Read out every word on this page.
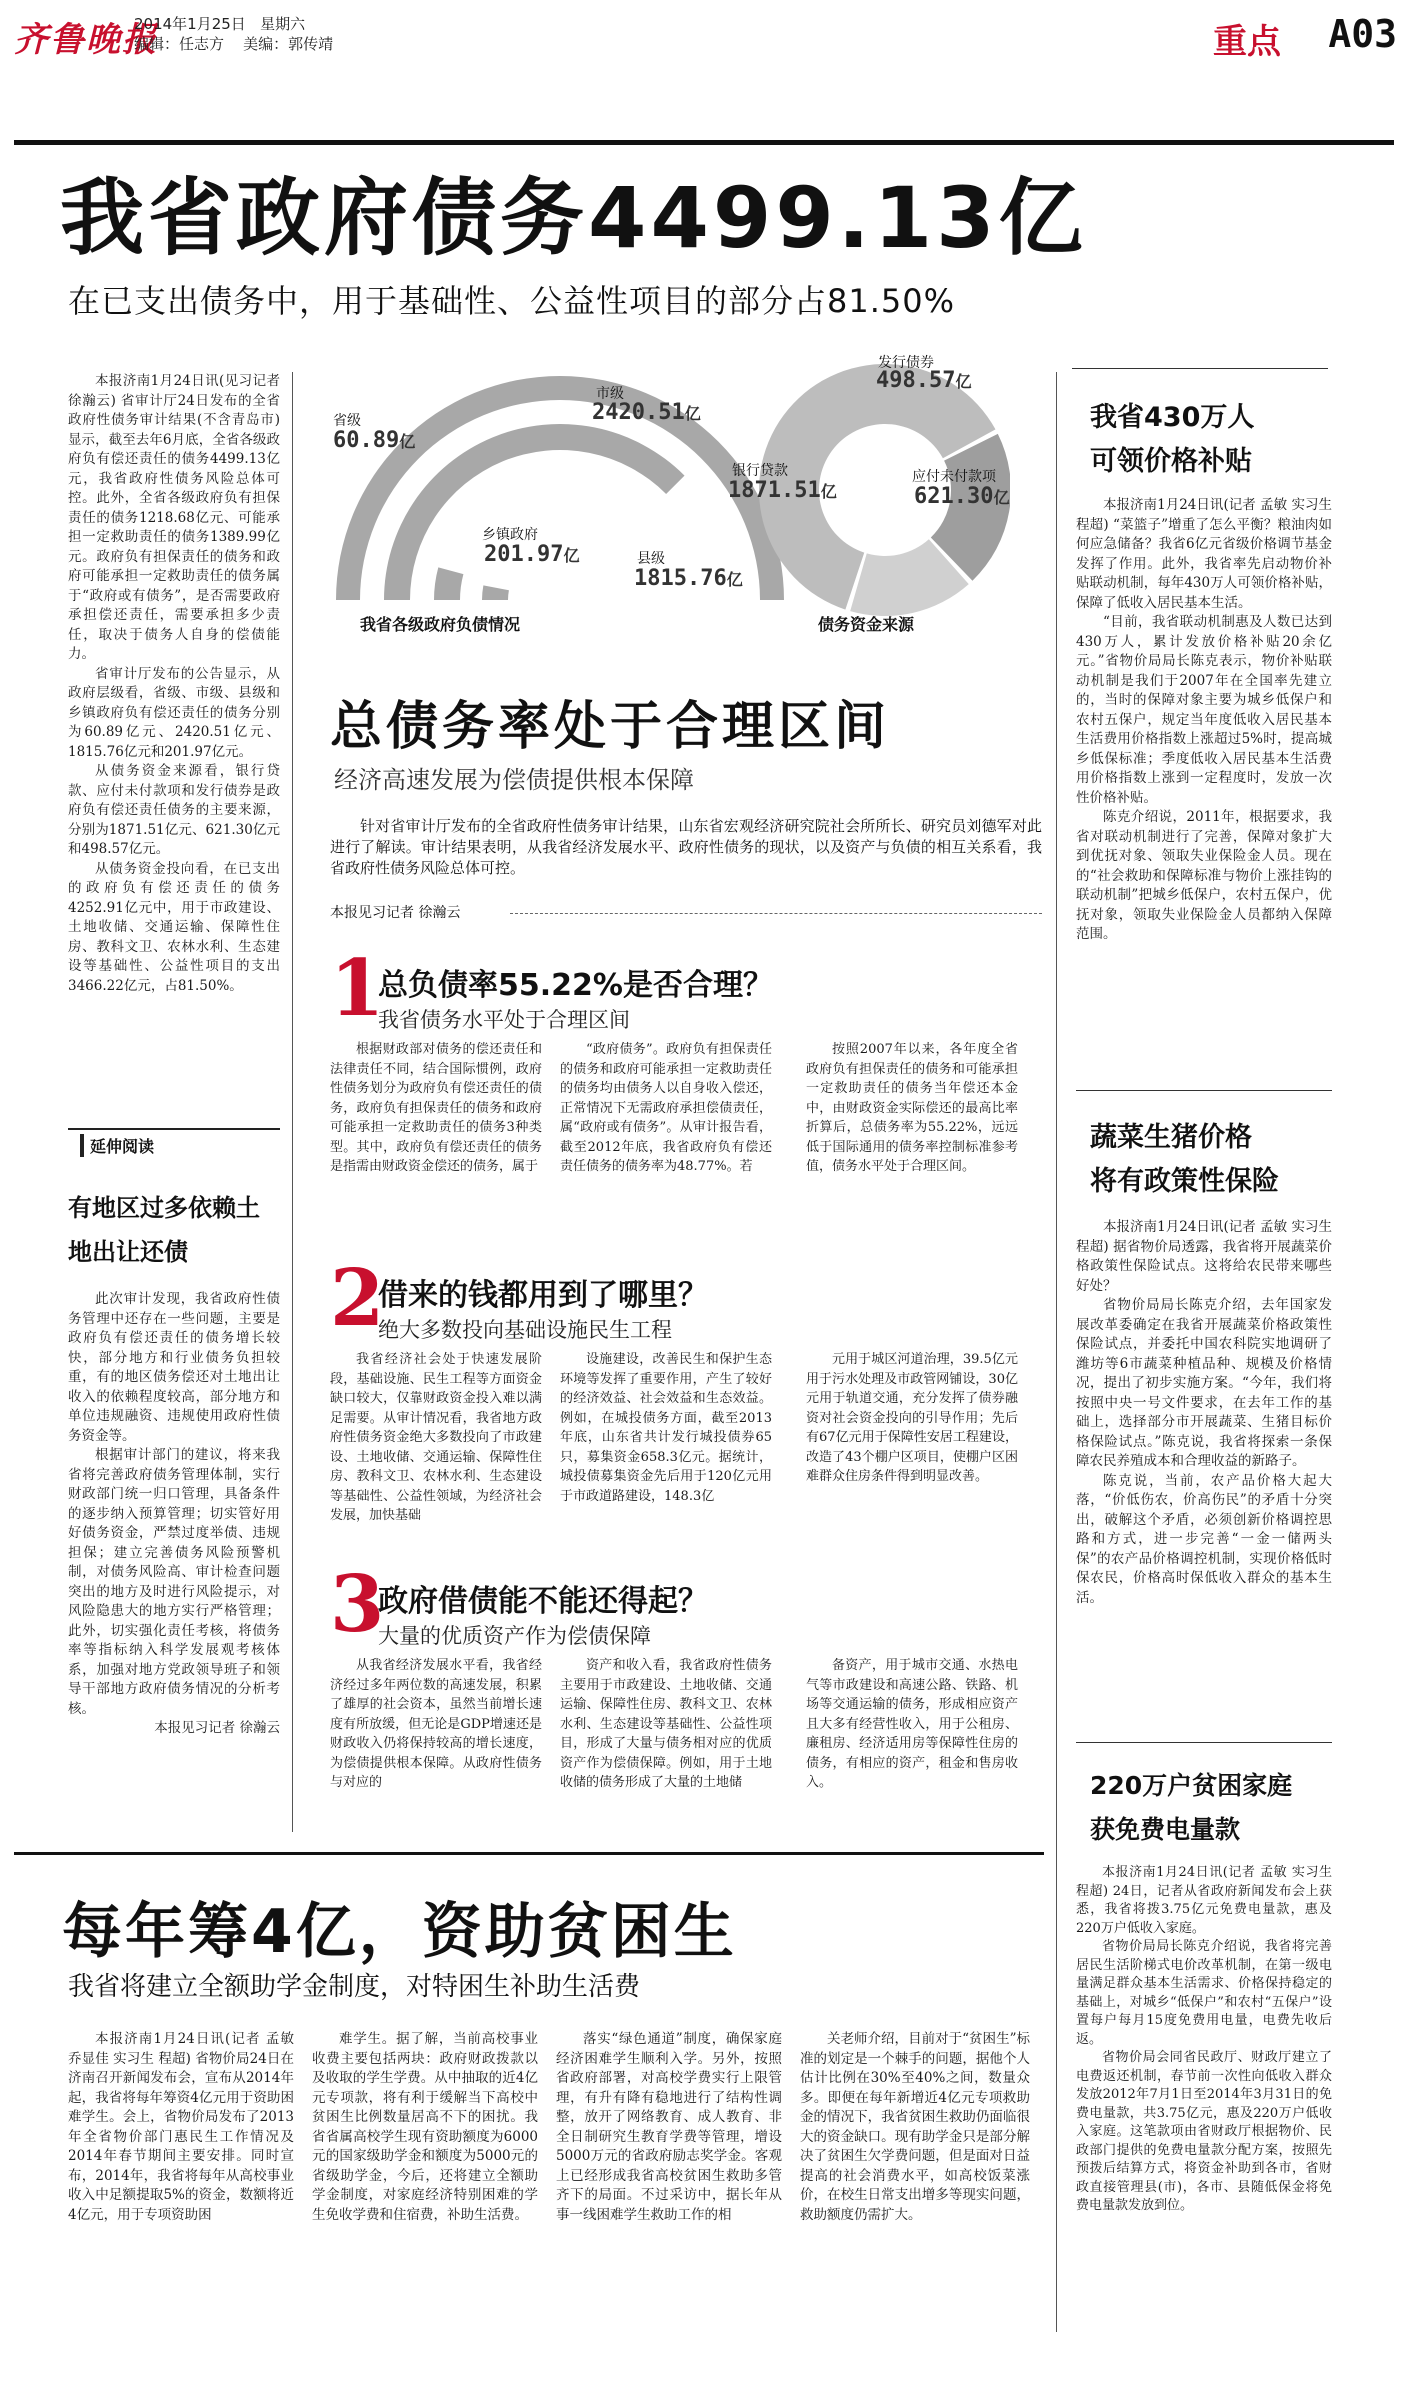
齐鲁晚报
2014年1月25日 星期六
编辑：任志方 美编：郭传靖	重点 A03
我省政府债务4499.13亿
在已支出债务中，用于基础性、公益性项目的部分占81.50%

本报济南1月24日讯(见习记者 徐瀚云) 省审计厅24日发布的全省政府性债务审计结果(不含青岛市)显示，截至去年6月底，全省各级政府负有偿还责任的债务4499.13亿元，我省政府性债务风险总体可控。此外，全省各级政府负有担保责任的债务1218.68亿元、可能承担一定救助责任的债务1389.99亿元。政府负有担保责任的债务和政府可能承担一定救助责任的债务属于“政府或有债务”，是否需要政府承担偿还责任，需要承担多少责任，取决于债务人自身的偿债能力。

省审计厅发布的公告显示，从政府层级看，省级、市级、县级和乡镇政府负有偿还责任的债务分别为60.89亿元、2420.51亿元、1815.76亿元和201.97亿元。

从债务资金来源看，银行贷款、应付未付款项和发行债券是政府负有偿还责任债务的主要来源，分别为1871.51亿元、621.30亿元和498.57亿元。

从债务资金投向看，在已支出的政府负有偿还责任的债务4252.91亿元中，用于市政建设、土地收储、交通运输、保障性住房、教科文卫、农林水利、生态建设等基础性、公益性项目的支出3466.22亿元，占81.50%。

延伸阅读
有地区过多依赖土地出让还债

此次审计发现，我省政府性债务管理中还存在一些问题，主要是政府负有偿还责任的债务增长较快，部分地方和行业债务负担较重，有的地区债务偿还对土地出让收入的依赖程度较高，部分地方和单位违规融资、违规使用政府性债务资金等。

根据审计部门的建议，将来我省将完善政府债务管理体制，实行财政部门统一归口管理，具备条件的逐步纳入预算管理；切实管好用好债务资金，严禁过度举债、违规担保；建立完善债务风险预警机制，对债务风险高、审计检查问题突出的地方及时进行风险提示，对风险隐患大的地方实行严格管理；此外，切实强化责任考核，将债务率等指标纳入科学发展观考核体系，加强对地方党政领导班子和领导干部地方政府债务情况的分析考核。

本报见习记者 徐瀚云

我省各级政府负债情况	债务资金来源
省级
60.89亿
市级
2420.51亿
县级
1815.76亿
乡镇政府
201.97亿
发行债券
498.57亿
银行贷款
1871.51亿
应付未付款项
621.30亿
总债务率处于合理区间
经济高速发展为偿债提供根本保障
针对省审计厅发布的全省政府性债务审计结果，山东省宏观经济研究院社会所所长、研究员刘德军对此进行了解读。审计结果表明，从我省经济发展水平、政府性债务的现状，以及资产与负债的相互关系看，我省政府性债务风险总体可控。
本报见习记者 徐瀚云
1
总负债率55.22%是否合理？
我省债务水平处于合理区间

根据财政部对债务的偿还责任和法律责任不同，结合国际惯例，政府性债务划分为政府负有偿还责任的债务，政府负有担保责任的债务和政府可能承担一定救助责任的债务3种类型。其中，政府负有偿还责任的债务是指需由财政资金偿还的债务，属于

“政府债务”。政府负有担保责任的债务和政府可能承担一定救助责任的债务均由债务人以自身收入偿还，正常情况下无需政府承担偿债责任，属“政府或有债务”。从审计报告看，截至2012年底，我省政府负有偿还责任债务的债务率为48.77%。若

按照2007年以来，各年度全省政府负有担保责任的债务和可能承担一定救助责任的债务当年偿还本金中，由财政资金实际偿还的最高比率折算后，总债务率为55.22%，远远低于国际通用的债务率控制标准参考值，债务水平处于合理区间。

2
借来的钱都用到了哪里？
绝大多数投向基础设施民生工程

我省经济社会处于快速发展阶段，基础设施、民生工程等方面资金缺口较大，仅靠财政资金投入难以满足需要。从审计情况看，我省地方政府性债务资金绝大多数投向了市政建设、土地收储、交通运输、保障性住房、教科文卫、农林水利、生态建设等基础性、公益性领域，为经济社会发展，加快基础

设施建设，改善民生和保护生态环境等发挥了重要作用，产生了较好的经济效益、社会效益和生态效益。例如，在城投债务方面，截至2013年底，山东省共计发行城投债券65只，募集资金658.3亿元。据统计，城投债募集资金先后用于120亿元用于市政道路建设，148.3亿

元用于城区河道治理，39.5亿元用于污水处理及市政管网铺设，30亿元用于轨道交通，充分发挥了债券融资对社会资金投向的引导作用；先后有67亿元用于保障性安居工程建设，改造了43个棚户区项目，使棚户区困难群众住房条件得到明显改善。

3
政府借债能不能还得起？
大量的优质资产作为偿债保障

从我省经济发展水平看，我省经济经过多年两位数的高速发展，积累了雄厚的社会资本，虽然当前增长速度有所放缓，但无论是GDP增速还是财政收入仍将保持较高的增长速度，为偿债提供根本保障。从政府性债务与对应的

资产和收入看，我省政府性债务主要用于市政建设、土地收储、交通运输、保障性住房、教科文卫、农林水利、生态建设等基础性、公益性项目，形成了大量与债务相对应的优质资产作为偿债保障。例如，用于土地收储的债务形成了大量的土地储

备资产，用于城市交通、水热电气等市政建设和高速公路、铁路、机场等交通运输的债务，形成相应资产且大多有经营性收入，用于公租房、廉租房、经济适用房等保障性住房的债务，有相应的资产，租金和售房收入。

我省430万人
可领价格补贴

本报济南1月24日讯(记者 孟敏 实习生 程超) “菜篮子”增重了怎么平衡？粮油肉如何应急储备？我省6亿元省级价格调节基金发挥了作用。此外，我省率先启动物价补贴联动机制，每年430万人可领价格补贴，保障了低收入居民基本生活。

“目前，我省联动机制惠及人数已达到430万人，累计发放价格补贴20余亿元。”省物价局局长陈克表示，物价补贴联动机制是我们于2007年在全国率先建立的，当时的保障对象主要为城乡低保户和农村五保户，规定当年度低收入居民基本生活费用价格指数上涨超过5%时，提高城乡低保标准；季度低收入居民基本生活费用价格指数上涨到一定程度时，发放一次性价格补贴。

陈克介绍说，2011年，根据要求，我省对联动机制进行了完善，保障对象扩大到优抚对象、领取失业保险金人员。现在的“社会救助和保障标准与物价上涨挂钩的联动机制”把城乡低保户，农村五保户，优抚对象，领取失业保险金人员都纳入保障范围。

蔬菜生猪价格
将有政策性保险

本报济南1月24日讯(记者 孟敏 实习生 程超) 据省物价局透露，我省将开展蔬菜价格政策性保险试点。这将给农民带来哪些好处？

省物价局局长陈克介绍，去年国家发展改革委确定在我省开展蔬菜价格政策性保险试点，并委托中国农科院实地调研了潍坊等6市蔬菜种植品种、规模及价格情况，提出了初步实施方案。“今年，我们将按照中央一号文件要求，在去年工作的基础上，选择部分市开展蔬菜、生猪目标价格保险试点。”陈克说，我省将探索一条保障农民养殖成本和合理收益的新路子。

陈克说，当前，农产品价格大起大落，“价低伤农，价高伤民”的矛盾十分突出，破解这个矛盾，必须创新价格调控思路和方式，进一步完善“一金一储两头保”的农产品价格调控机制，实现价格低时保农民，价格高时保低收入群众的基本生活。

220万户贫困家庭
获免费电量款

本报济南1月24日讯(记者 孟敏 实习生 程超) 24日，记者从省政府新闻发布会上获悉，我省将拨3.75亿元免费电量款，惠及220万户低收入家庭。

省物价局局长陈克介绍说，我省将完善居民生活阶梯式电价改革机制，在第一级电量满足群众基本生活需求、价格保持稳定的基础上，对城乡“低保户”和农村“五保户”设置每户每月15度免费用电量，电费先收后返。

省物价局会同省民政厅、财政厅建立了电费返还机制，春节前一次性向低收入群众发放2012年7月1日至2014年3月31日的免费电量款，共3.75亿元，惠及220万户低收入家庭。这笔款项由省财政厅根据物价、民政部门提供的免费电量款分配方案，按照先预拨后结算方式，将资金补助到各市，省财政直接管理县(市)，各市、县随低保金将免费电量款发放到位。

每年筹4亿，资助贫困生
我省将建立全额助学金制度，对特困生补助生活费

本报济南1月24日讯(记者 孟敏 乔显佳 实习生 程超) 省物价局24日在济南召开新闻发布会，宣布从2014年起，我省将每年筹资4亿元用于资助困难学生。会上，省物价局发布了2013年全省物价部门惠民生工作情况及2014年春节期间主要安排。同时宣布，2014年，我省将每年从高校事业收入中足额提取5%的资金，数额将近4亿元，用于专项资助困

难学生。据了解，当前高校事业收费主要包括两块：政府财政拨款以及收取的学生学费。从中抽取的近4亿元专项款，将有利于缓解当下高校中贫困生比例数量居高不下的困扰。我省省属高校学生现有资助额度为6000元的国家级助学金和额度为5000元的省级助学金，今后，还将建立全额助学金制度，对家庭经济特别困难的学生免收学费和住宿费，补助生活费。

落实“绿色通道”制度，确保家庭经济困难学生顺利入学。另外，按照省政府部署，对高校学费实行上限管理，有升有降有稳地进行了结构性调整，放开了网络教育、成人教育、非全日制研究生教育学费等管理，增设5000万元的省政府励志奖学金。客观上已经形成我省高校贫困生救助多管齐下的局面。不过采访中，据长年从事一线困难学生救助工作的相

关老师介绍，目前对于“贫困生”标准的划定是一个棘手的问题，据他个人估计比例在30%至40%之间，数量众多。即便在每年新增近4亿元专项救助金的情况下，我省贫困生救助仍面临很大的资金缺口。现有助学金只是部分解决了贫困生欠学费问题，但是面对日益提高的社会消费水平，如高校饭菜涨价，在校生日常支出增多等现实问题，救助额度仍需扩大。
